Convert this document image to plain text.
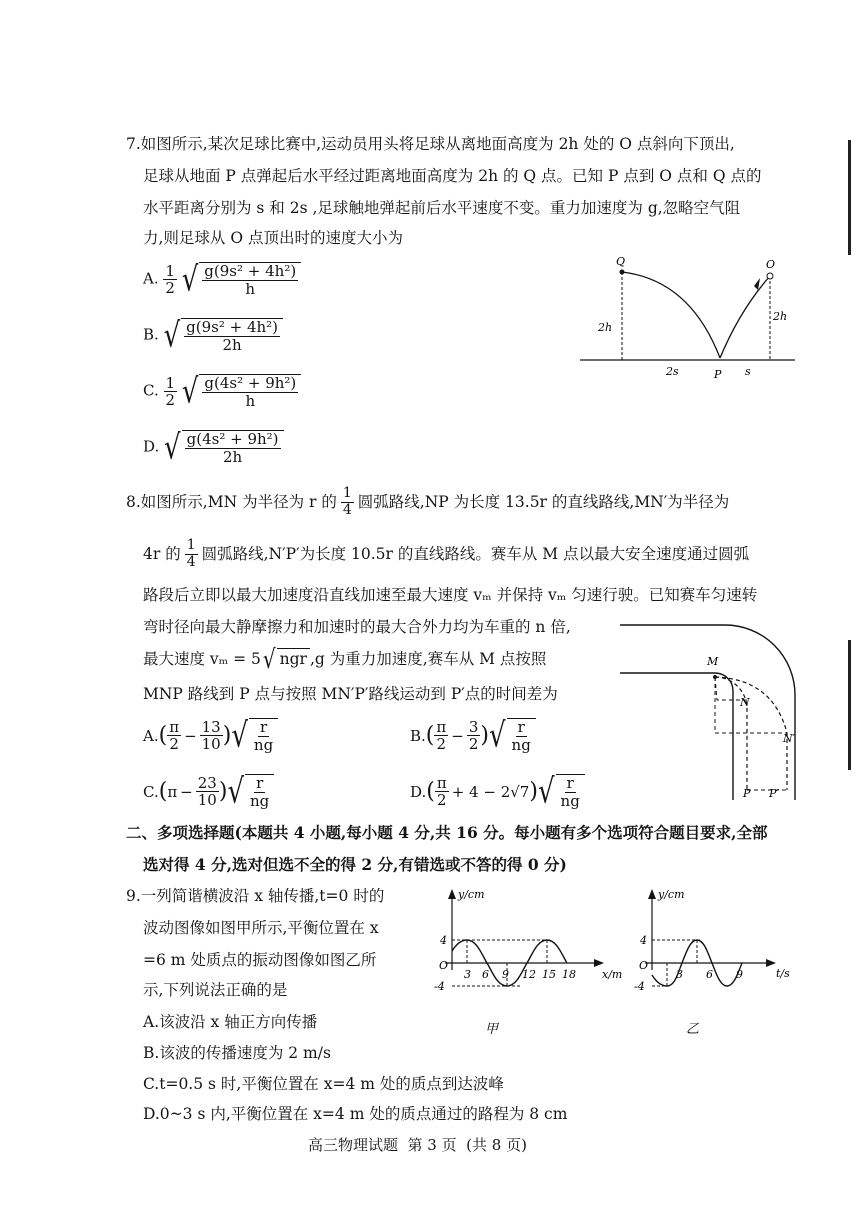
7.如图所示,某次足球比赛中,运动员用头将足球从离地面高度为 2h 处的 O 点斜向下顶出,
足球从地面 P 点弹起后水平经过距离地面高度为 2h 的 Q 点。已知 P 点到 O 点和 Q 点的
水平距离分别为 s 和 2s ,足球触地弹起前后水平速度不变。重力加速度为 g,忽略空气阻
力,则足球从 O 点顶出时的速度大小为
A. $\frac{1}{2}$
√ $\frac{\text{g(9s² + 4h²)}}{h}$
B. √ $\frac{\text{g(9s² + 4h²)}}{2h}$
C. $\frac{1}{2}$
√ $\frac{\text{g(4s² + 9h²)}}{h}$
D. √ $\frac{\text{g(4s² + 9h²)}}{2h}$
Q	O
2h
2h
2s	P s
8.如图所示,MN 为半径为 r 的 $\frac{1}{4}$ 圆弧路线,NP 为长度 13.5r 的直线路线,MN′为半径为
4r 的 $\frac{1}{4}$ 圆弧路线,N′P′为长度 10.5r 的直线路线。赛车从 M 点以最大安全速度通过圆弧
路段后立即以最大加速度沿直线加速至最大速度 vₘ 并保持 vₘ 匀速行驶。已知赛车匀速转
弯时径向最大静摩擦力和加速时的最大合外力均为车重的 n 倍,
最大速度 vₘ = 5 √ ngr ,g 为重力加速度,赛车从 M 点按照
MNP 路线到 P 点与按照 MN′P′路线运动到 P′点的时间差为
A. ( $\frac{\pi}{2} - \frac{13}{10}$ ) √ $\frac{r}{ng}$	B. ( $\frac{\pi}{2} - \frac{3}{2}$ ) √ $\frac{r}{ng}$
C. ( $\pi - \frac{23}{10}$ ) √ $\frac{r}{ng}$	D. ( $\frac{\pi}{2} + 4 - 2√7$ ) √ $\frac{r}{ng}$
M
N
N′
P P′
二、多项选择题(本题共 4 小题,每小题 4 分,共 16 分。每小题有多个选项符合题目要求,全部
选对得 4 分,选对但选不全的得 2 分,有错选或不答的得 0 分)
9.一列简谐横波沿 x 轴传播,t=0 时的
波动图像如图甲所示,平衡位置在 x
=6 m 处质点的振动图像如图乙所
示,下列说法正确的是
A.该波沿 x 轴正方向传播
B.该波的传播速度为 2 m/s
C.t=0.5 s 时,平衡位置在 x=4 m 处的质点到达波峰
D.0~3 s 内,平衡位置在 x=4 m 处的质点通过的路程为 8 cm
y/cm
x/m
4
-4
O
3 6 9 12 15 18
甲
y/cm
t/s
4
-4
O
3 6 9
乙
高三物理试题  第 3 页  (共 8 页)
